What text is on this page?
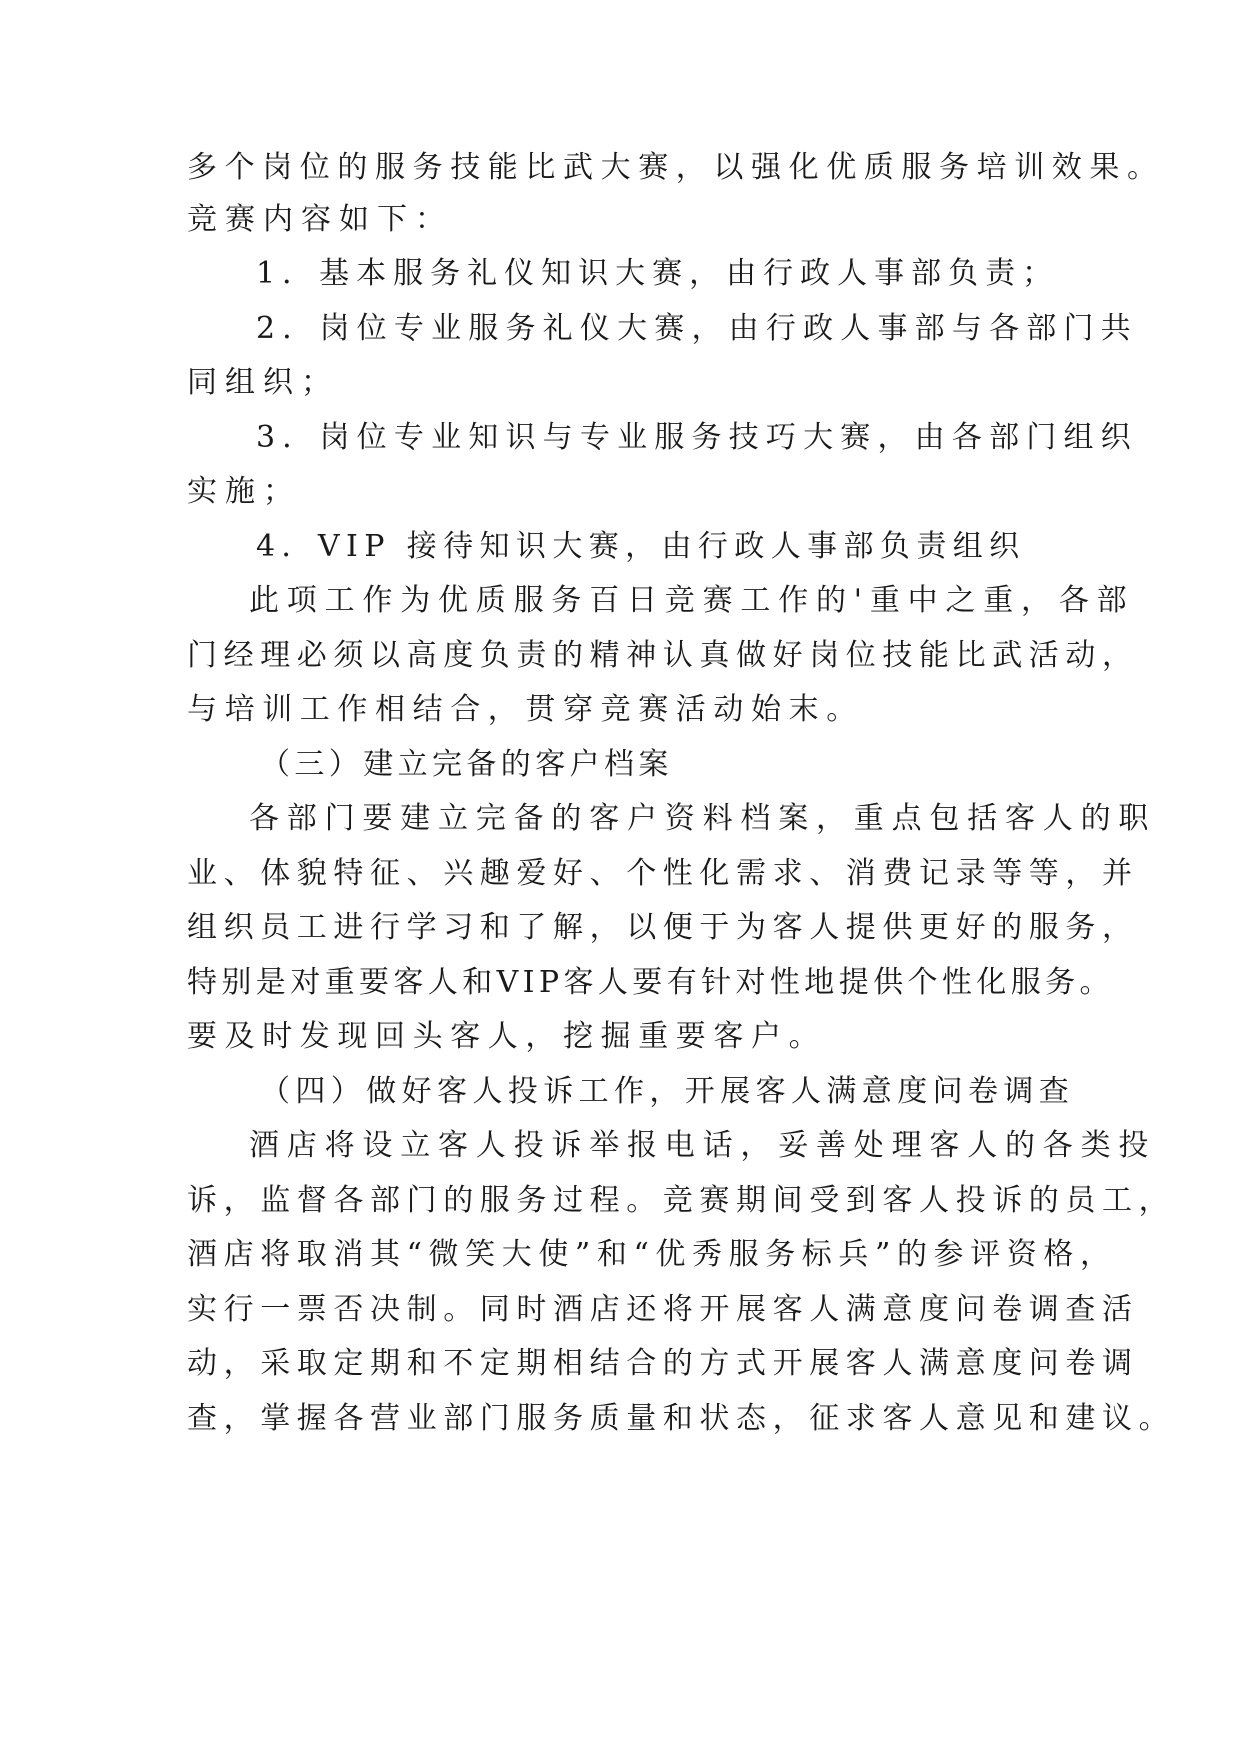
多个岗位的服务技能比武大赛，以强化优质服务培训效果。

竞赛内容如下：

1．基本服务礼仪知识大赛，由行政人事部负责；

2．岗位专业服务礼仪大赛，由行政人事部与各部门共

同组织；

3．岗位专业知识与专业服务技巧大赛，由各部门组织

实施；

4．VIP 接待知识大赛，由行政人事部负责组织

此项工作为优质服务百日竞赛工作的'重中之重，各部

门经理必须以高度负责的精神认真做好岗位技能比武活动，

与培训工作相结合，贯穿竞赛活动始末。

（三）建立完备的客户档案

各部门要建立完备的客户资料档案，重点包括客人的职

业、体貌特征、兴趣爱好、个性化需求、消费记录等等，并

组织员工进行学习和了解，以便于为客人提供更好的服务，

特别是对重要客人和VIP客人要有针对性地提供个性化服务。

要及时发现回头客人，挖掘重要客户。

（四）做好客人投诉工作，开展客人满意度问卷调查

酒店将设立客人投诉举报电话，妥善处理客人的各类投

诉，监督各部门的服务过程。竞赛期间受到客人投诉的员工，

酒店将取消其“微笑大使”和“优秀服务标兵”的参评资格，

实行一票否决制。同时酒店还将开展客人满意度问卷调查活

动，采取定期和不定期相结合的方式开展客人满意度问卷调

查，掌握各营业部门服务质量和状态，征求客人意见和建议。
